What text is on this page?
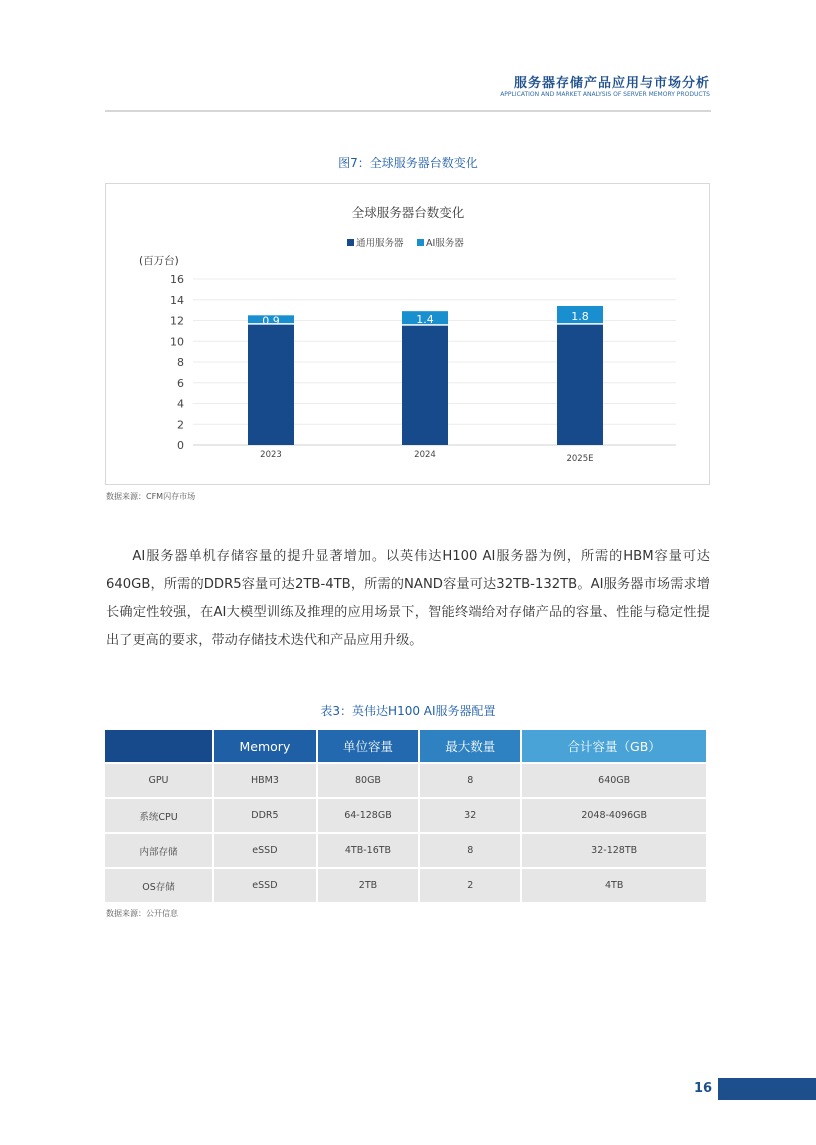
服务器存储产品应用与市场分析
APPLICATION AND MARKET ANALYSIS OF SERVER MEMORY PRODUCTS
图7：全球服务器台数变化
全球服务器台数变化
通用服务器 AI服务器
(百万台)
0
2
4
6
8
10
12
14
16
0.9
2023
1.4
2024
1.8
2025E
数据来源：CFM闪存市场
AI服务器单机存储容量的提升显著增加。以英伟达H100 AI服务器为例，所需的HBM容量可达640GB，所需的DDR5容量可达2TB-4TB，所需的NAND容量可达32TB-132TB。AI服务器市场需求增长确定性较强，在AI大模型训练及推理的应用场景下，智能终端给对存储产品的容量、性能与稳定性提出了更高的要求，带动存储技术迭代和产品应用升级。
表3：英伟达H100 AI服务器配置
	Memory	单位容量	最大数量	合计容量（GB）
GPU	HBM3	80GB	8	640GB
系统CPU	DDR5	64-128GB	32	2048-4096GB
内部存储	eSSD	4TB-16TB	8	32-128TB
OS存储	eSSD	2TB	2	4TB
数据来源：公开信息
16
